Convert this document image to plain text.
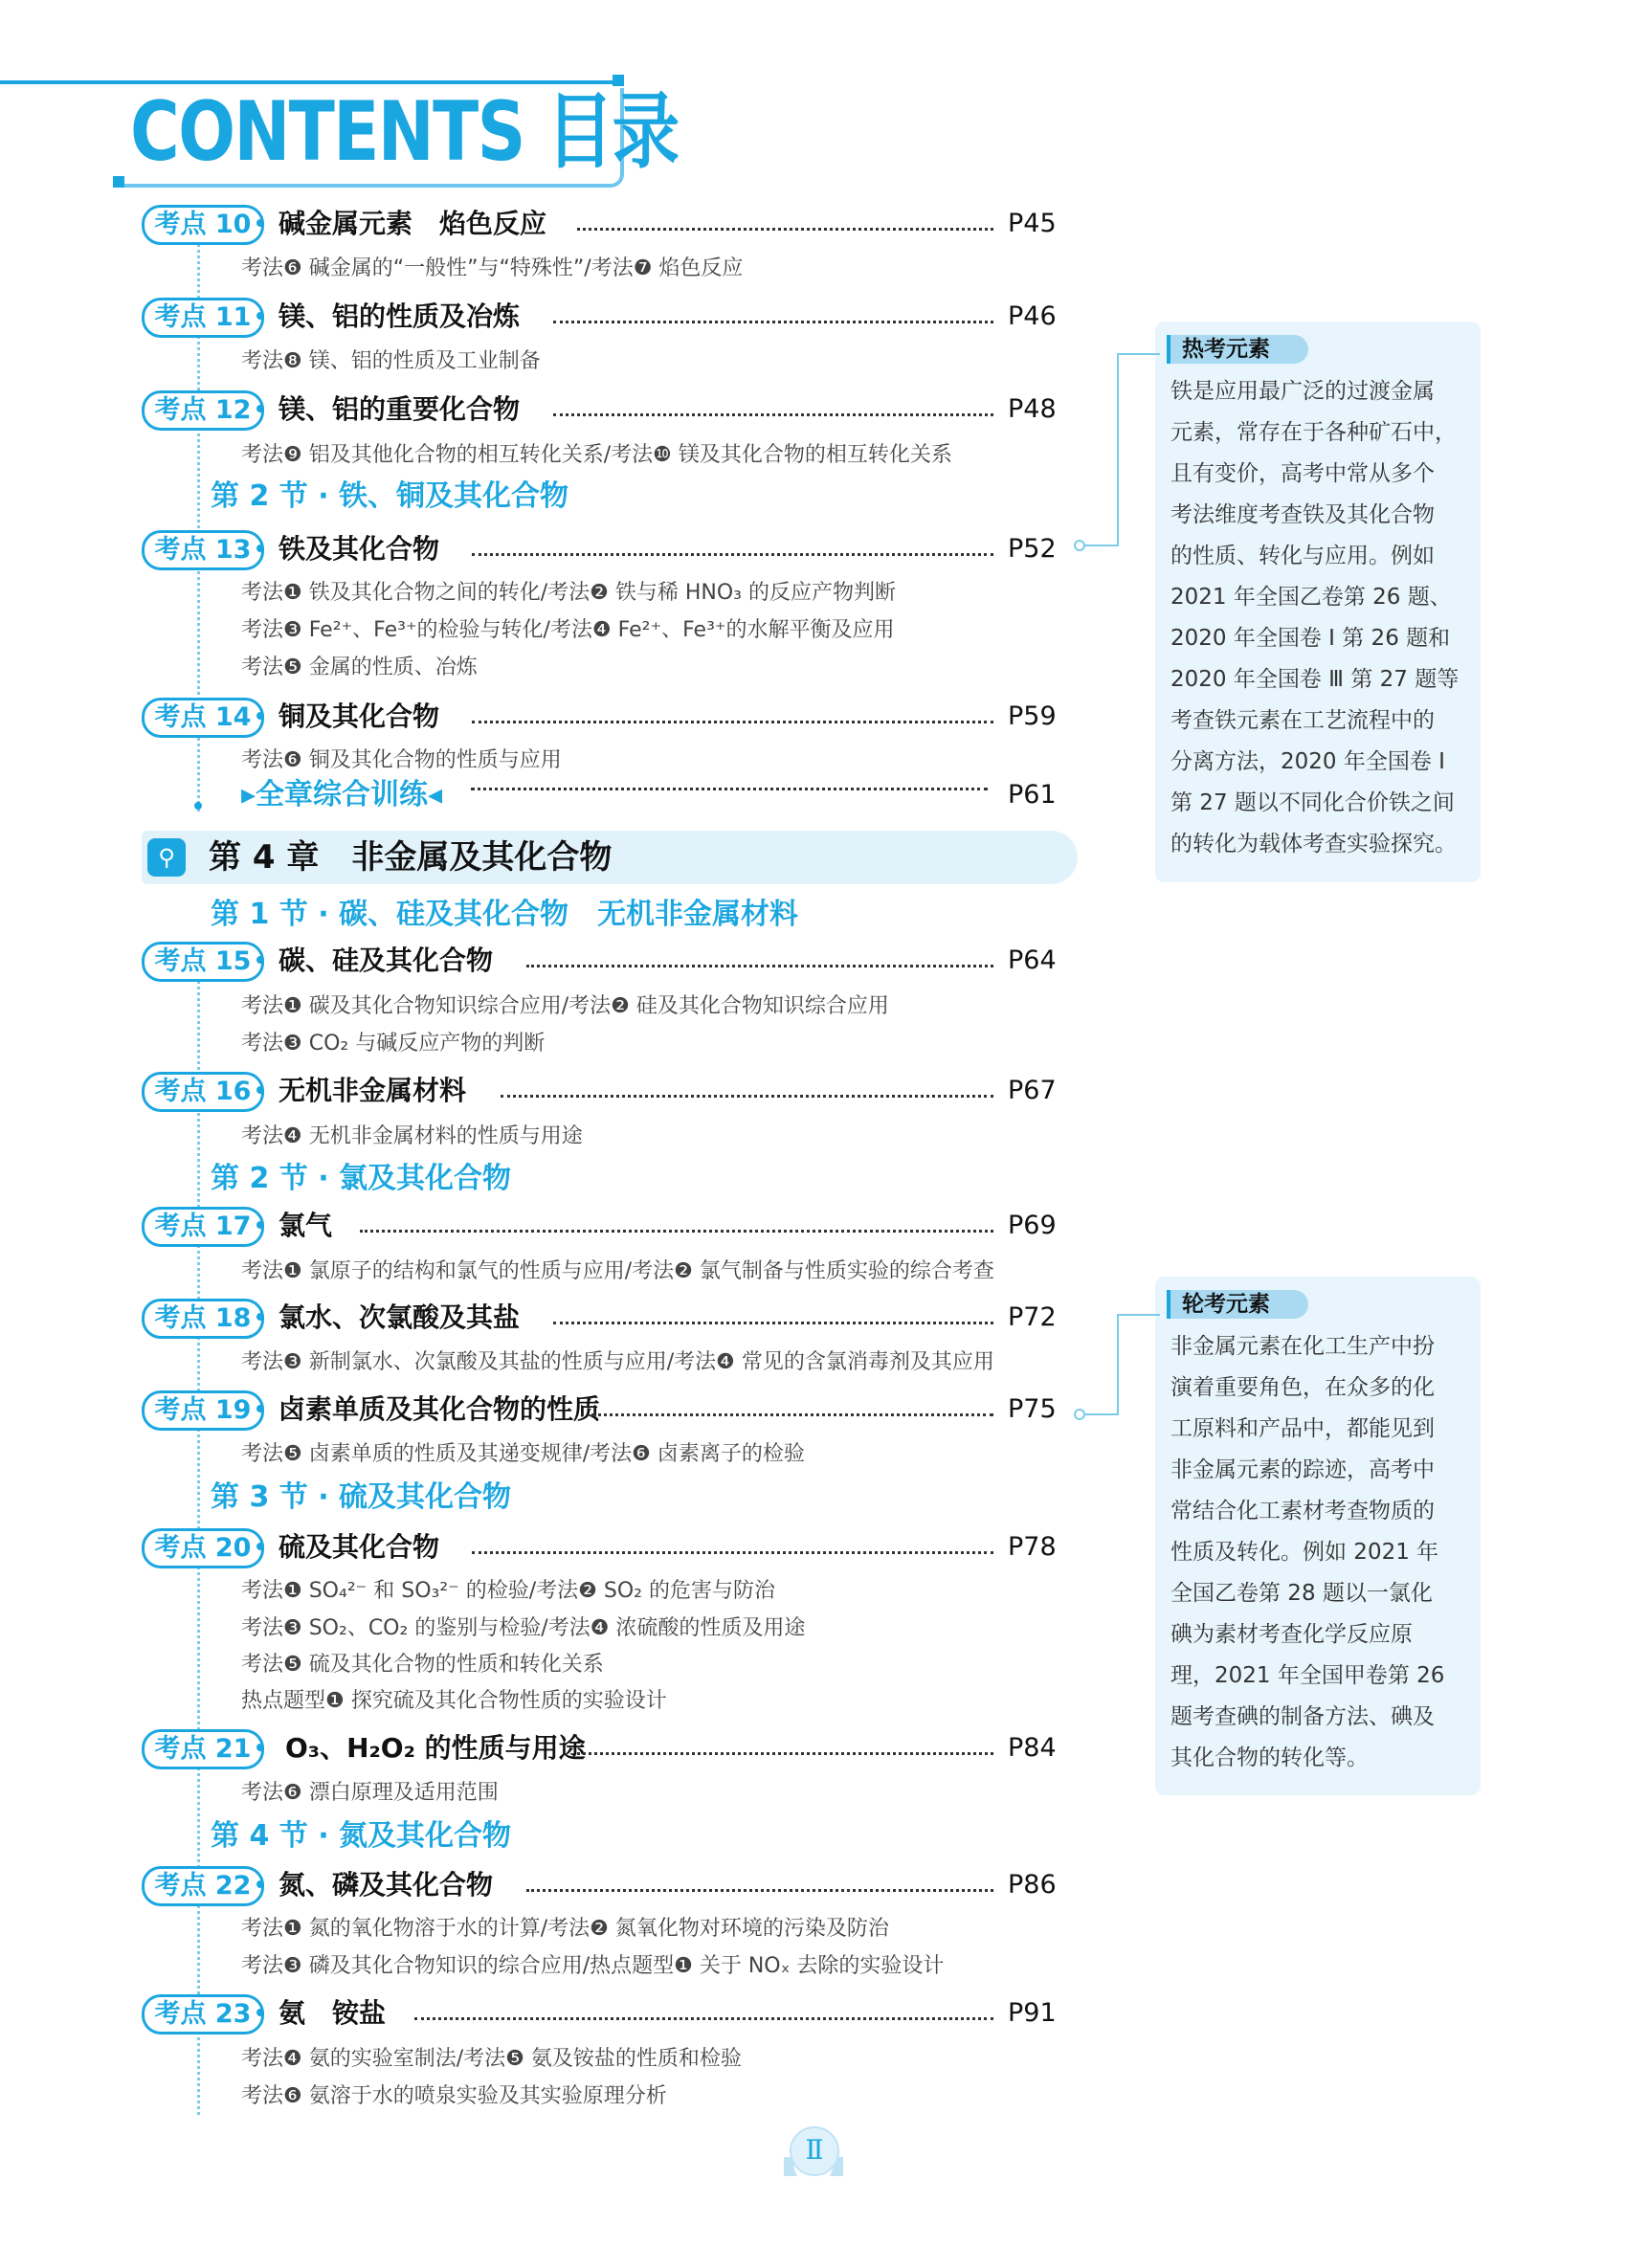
CONTENTS 目录
考点 10	碱金属元素　焰色反应	P45
考法❻ 碱金属的“一般性”与“特殊性”/考法❼ 焰色反应
考点 11	镁、铝的性质及冶炼	P46
考法❽ 镁、铝的性质及工业制备
考点 12	镁、铝的重要化合物	P48
考法❾ 铝及其他化合物的相互转化关系/考法❿ 镁及其化合物的相互转化关系
第 2 节 · 铁、铜及其化合物
考点 13	铁及其化合物	P52
考法❶ 铁及其化合物之间的转化/考法❷ 铁与稀 HNO₃ 的反应产物判断
考法❸ Fe²⁺、Fe³⁺的检验与转化/考法❹ Fe²⁺、Fe³⁺的水解平衡及应用
考法❺ 金属的性质、冶炼
考点 14	铜及其化合物	P59
考法❻ 铜及其化合物的性质与应用
▸全章综合训练◂	P61
⚲	第 4 章　非金属及其化合物
第 1 节 · 碳、硅及其化合物　无机非金属材料
考点 15	碳、硅及其化合物	P64
考法❶ 碳及其化合物知识综合应用/考法❷ 硅及其化合物知识综合应用
考法❸ CO₂ 与碱反应产物的判断
考点 16	无机非金属材料	P67
考法❹ 无机非金属材料的性质与用途
第 2 节 · 氯及其化合物
考点 17	氯气	P69
考法❶ 氯原子的结构和氯气的性质与应用/考法❷ 氯气制备与性质实验的综合考查
考点 18	氯水、次氯酸及其盐	P72
考法❸ 新制氯水、次氯酸及其盐的性质与应用/考法❹ 常见的含氯消毒剂及其应用
考点 19	卤素单质及其化合物的性质	P75
考法❺ 卤素单质的性质及其递变规律/考法❻ 卤素离子的检验
第 3 节 · 硫及其化合物
考点 20	硫及其化合物	P78
考法❶ SO₄²⁻ 和 SO₃²⁻ 的检验/考法❷ SO₂ 的危害与防治
考法❸ SO₂、CO₂ 的鉴别与检验/考法❹ 浓硫酸的性质及用途
考法❺ 硫及其化合物的性质和转化关系
热点题型❶ 探究硫及其化合物性质的实验设计
考点 21	O₃、H₂O₂ 的性质与用途	P84
考法❻ 漂白原理及适用范围
第 4 节 · 氮及其化合物
考点 22	氮、磷及其化合物	P86
考法❶ 氮的氧化物溶于水的计算/考法❷ 氮氧化物对环境的污染及防治
考法❸ 磷及其化合物知识的综合应用/热点题型❶ 关于 NOₓ 去除的实验设计
考点 23	氨　铵盐	P91
考法❹ 氨的实验室制法/考法❺ 氨及铵盐的性质和检验
考法❻ 氨溶于水的喷泉实验及其实验原理分析
热考元素
铁是应用最广泛的过渡金属
元素，常存在于各种矿石中，
且有变价，高考中常从多个
考法维度考查铁及其化合物
的性质、转化与应用。例如
2021 年全国乙卷第 26 题、
2020 年全国卷 Ⅰ 第 26 题和
2020 年全国卷 Ⅲ 第 27 题等
考查铁元素在工艺流程中的
分离方法，2020 年全国卷 Ⅰ
第 27 题以不同化合价铁之间
的转化为载体考查实验探究。
轮考元素
非金属元素在化工生产中扮
演着重要角色，在众多的化
工原料和产品中，都能见到
非金属元素的踪迹，高考中
常结合化工素材考查物质的
性质及转化。例如 2021 年
全国乙卷第 28 题以一氯化
碘为素材考查化学反应原
理，2021 年全国甲卷第 26
题考查碘的制备方法、碘及
其化合物的转化等。
Ⅱ
